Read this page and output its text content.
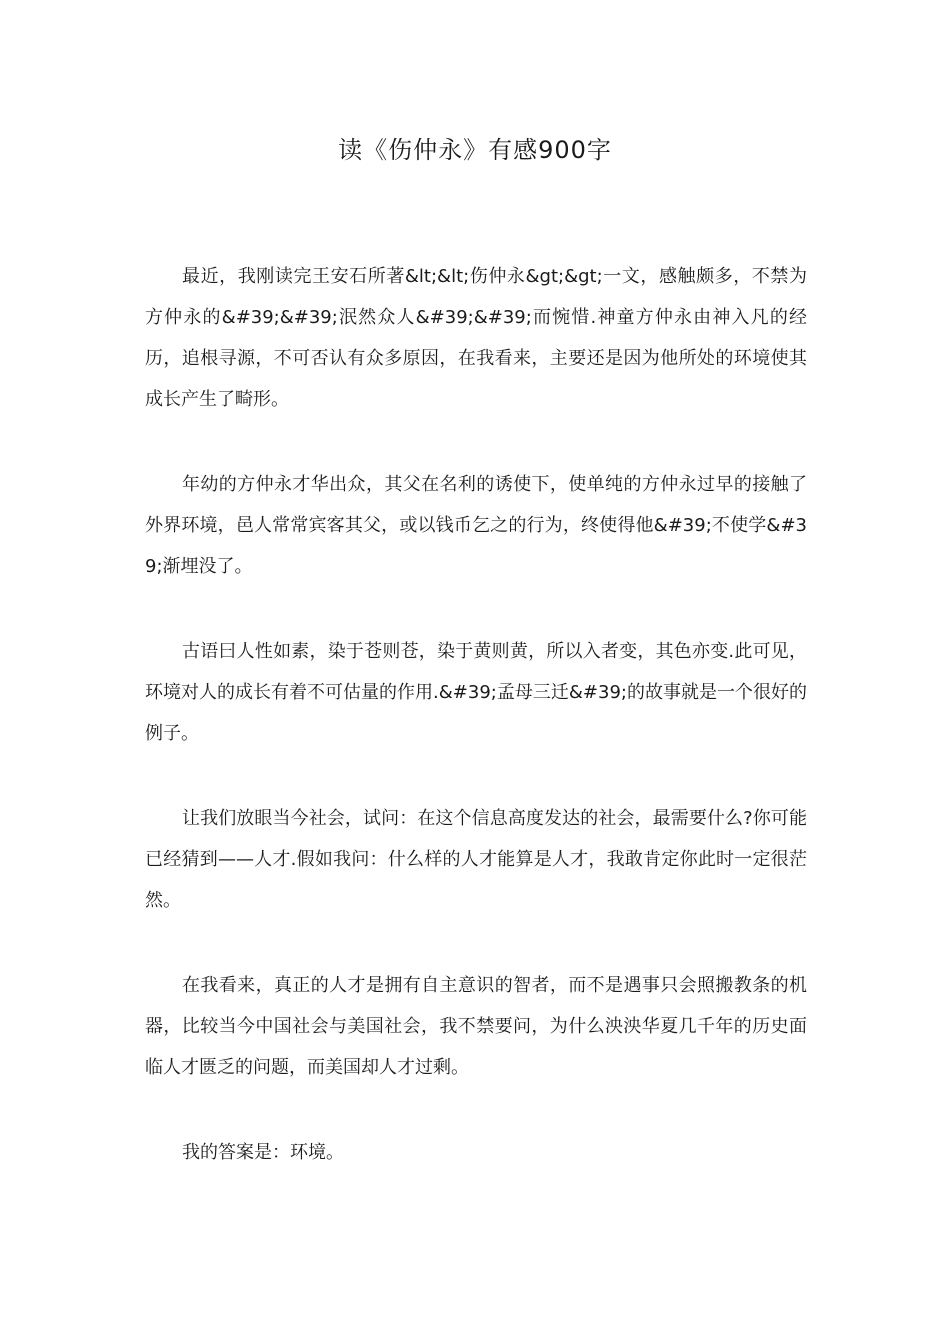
读《伤仲永》有感900字

最近，我刚读完王安石所著&lt;&lt;伤仲永&gt;&gt;一文，感触颇多，不禁为方仲永的&#39;&#39;泯然众人&#39;&#39;而惋惜.神童方仲永由神入凡的经历，追根寻源，不可否认有众多原因，在我看来，主要还是因为他所处的环境使其成长产生了畸形。

年幼的方仲永才华出众，其父在名利的诱使下，使单纯的方仲永过早的接触了外界环境，邑人常常宾客其父，或以钱币乞之的行为，终使得他&#39;不使学&#39;渐埋没了。

古语曰人性如素，染于苍则苍，染于黄则黄，所以入者变，其色亦变.此可见，环境对人的成长有着不可估量的作用.&#39;孟母三迁&#39;的故事就是一个很好的例子。

让我们放眼当今社会，试问：在这个信息高度发达的社会，最需要什么?你可能已经猜到——人才.假如我问：什么样的人才能算是人才，我敢肯定你此时一定很茫然。

在我看来，真正的人才是拥有自主意识的智者，而不是遇事只会照搬教条的机器，比较当今中国社会与美国社会，我不禁要问，为什么泱泱华夏几千年的历史面临人才匮乏的问题，而美国却人才过剩。

我的答案是：环境。
